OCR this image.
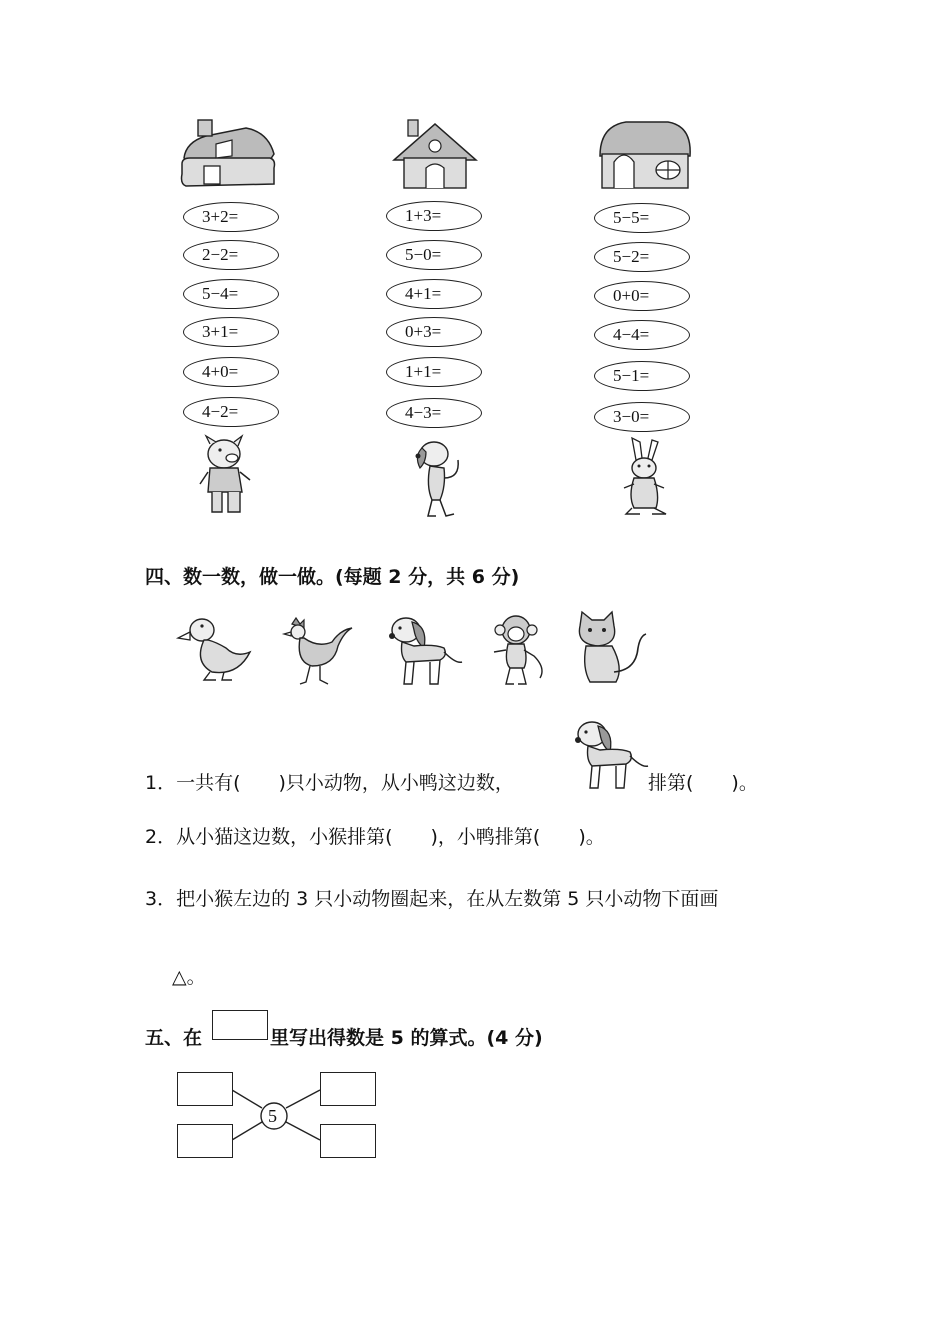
3+2=
2−2=
5−4=
3+1=
4+0=
4−2=
1+3=
5−0=
4+1=
0+3=
1+1=
4−3=
5−5=
5−2=
0+0=
4−4=
5−1=
3−0=
四、数一数，做一做。(每题 2 分，共 6 分)
1．一共有(　　)只小动物，从小鸭这边数，	排第(　　)。
2．从小猫这边数，小猴排第(　　)，小鸭排第(　　)。
3．把小猴左边的 3 只小动物圈起来，在从左数第 5 只小动物下面画
△。
五、在	里写出得数是 5 的算式。(4 分)
5
